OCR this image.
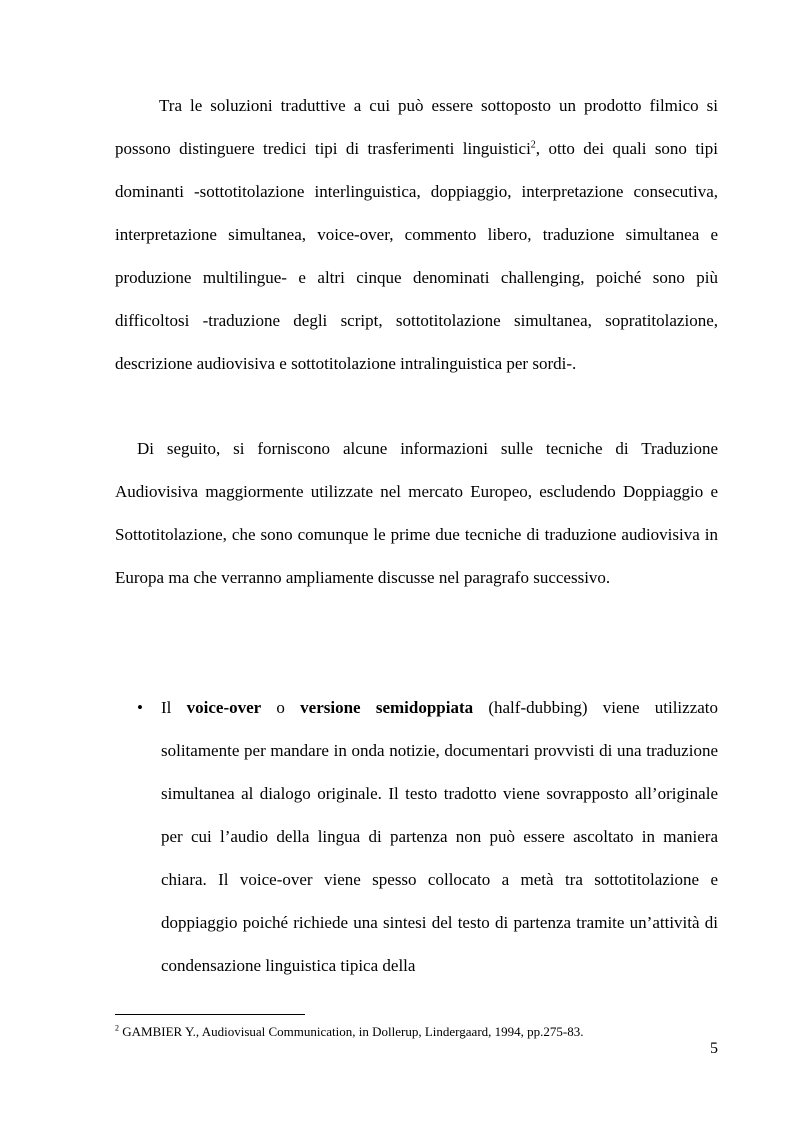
Tra le soluzioni traduttive a cui può essere sottoposto un prodotto filmico si possono distinguere tredici tipi di trasferimenti linguistici$^2$, otto dei quali sono tipi dominanti -sottotitolazione interlinguistica, doppiaggio, interpretazione consecutiva, interpretazione simultanea, voice-over, commento libero, traduzione simultanea e produzione multilingue- e altri cinque denominati challenging, poiché sono più difficoltosi -traduzione degli script, sottotitolazione simultanea, sopratitolazione, descrizione audiovisiva e sottotitolazione intralinguistica per sordi-.

Di seguito, si forniscono alcune informazioni sulle tecniche di Traduzione Audiovisiva maggiormente utilizzate nel mercato Europeo, escludendo Doppiaggio e Sottotitolazione, che sono comunque le prime due tecniche di traduzione audiovisiva in Europa ma che verranno ampliamente discusse nel paragrafo successivo.

• Il voice-over o versione semidoppiata (half-dubbing) viene utilizzato solitamente per mandare in onda notizie, documentari provvisti di una traduzione simultanea al dialogo originale. Il testo tradotto viene sovrapposto all’originale per cui l’audio della lingua di partenza non può essere ascoltato in maniera chiara. Il voice-over viene spesso collocato a metà tra sottotitolazione e doppiaggio poiché richiede una sintesi del testo di partenza tramite un’attività di condensazione linguistica tipica della

$^2$ GAMBIER Y., Audiovisual Communication, in Dollerup, Lindergaard, 1994, pp.275-83.

5
